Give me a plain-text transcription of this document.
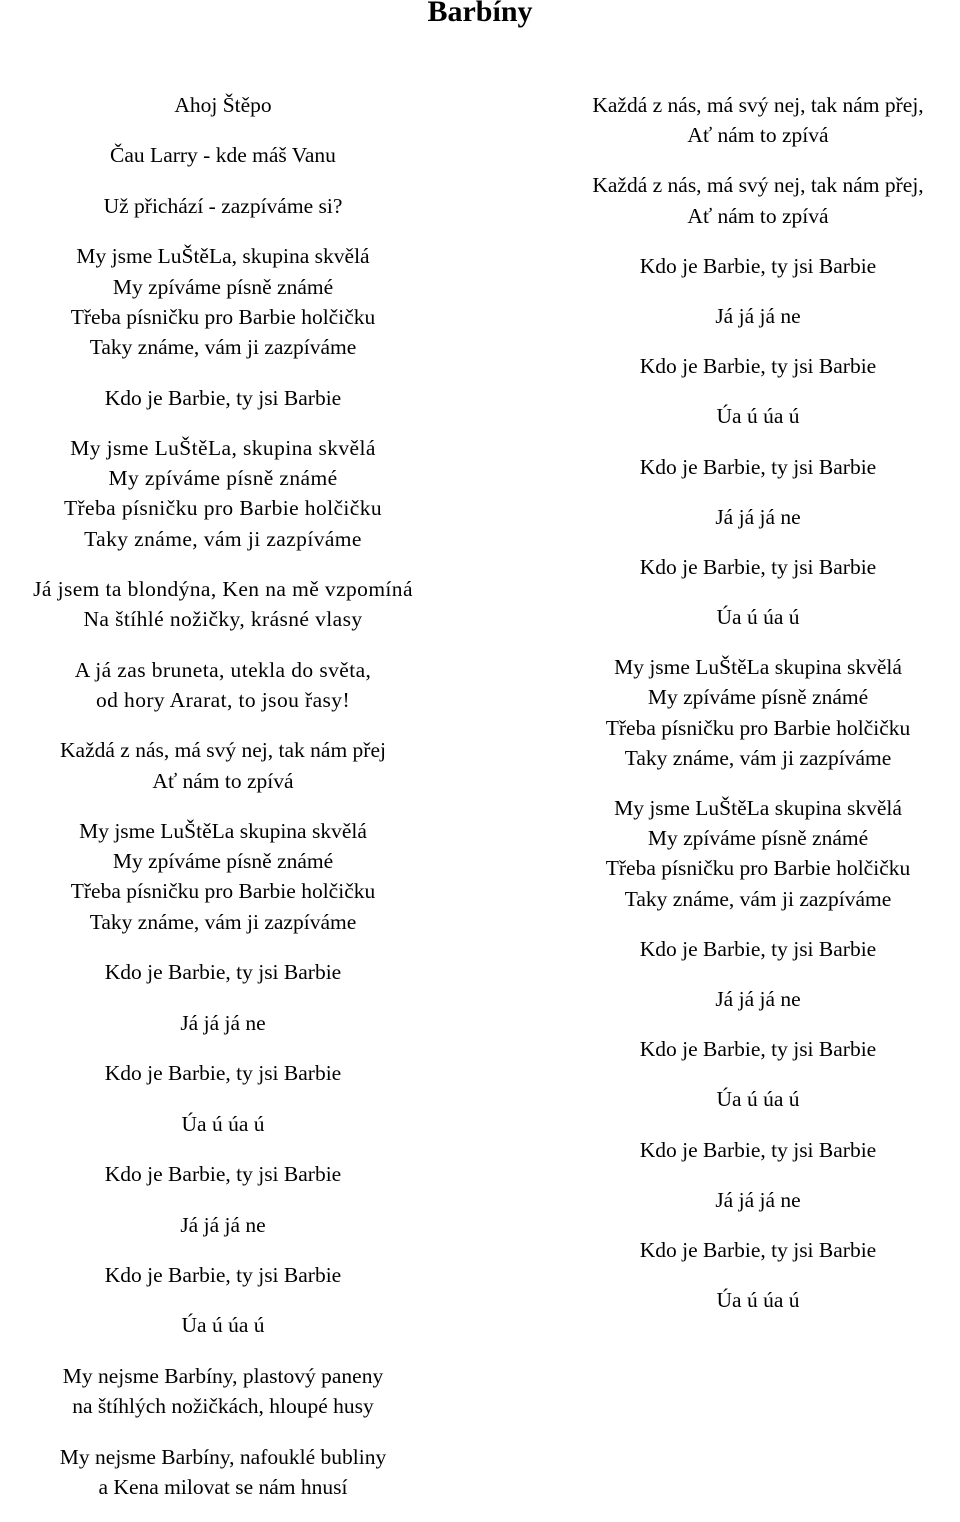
Barbíny
Ahoj Štěpo
Čau Larry - kde máš Vanu
Už přichází - zazpíváme si?
My jsme LuŠtěLa, skupina skvělá
My zpíváme písně známé
Třeba písničku pro Barbie holčičku
Taky známe, vám ji zazpíváme
Kdo je Barbie, ty jsi Barbie
My jsme LuŠtěLa, skupina skvělá
My zpíváme písně známé
Třeba písničku pro Barbie holčičku
Taky známe, vám ji zazpíváme
Já jsem ta blondýna, Ken na mě vzpomíná
Na štíhlé nožičky, krásné vlasy
A já zas bruneta, utekla do světa,
od hory Ararat, to jsou řasy!
Každá z nás, má svý nej, tak nám přej
Ať nám to zpívá
My jsme LuŠtěLa skupina skvělá
My zpíváme písně známé
Třeba písničku pro Barbie holčičku
Taky známe, vám ji zazpíváme
Kdo je Barbie, ty jsi Barbie
Já já já ne
Kdo je Barbie, ty jsi Barbie
Úa ú úa ú
Kdo je Barbie, ty jsi Barbie
Já já já ne
Kdo je Barbie, ty jsi Barbie
Úa ú úa ú
My nejsme Barbíny, plastový paneny
na štíhlých nožičkách, hloupé husy
My nejsme Barbíny, nafouklé bubliny
a Kena milovat se nám hnusí
Každá z nás, má svý nej, tak nám přej,
Ať nám to zpívá
Každá z nás, má svý nej, tak nám přej,
Ať nám to zpívá
Kdo je Barbie, ty jsi Barbie
Já já já ne
Kdo je Barbie, ty jsi Barbie
Úa ú úa ú
Kdo je Barbie, ty jsi Barbie
Já já já ne
Kdo je Barbie, ty jsi Barbie
Úa ú úa ú
My jsme LuŠtěLa skupina skvělá
My zpíváme písně známé
Třeba písničku pro Barbie holčičku
Taky známe, vám ji zazpíváme
My jsme LuŠtěLa skupina skvělá
My zpíváme písně známé
Třeba písničku pro Barbie holčičku
Taky známe, vám ji zazpíváme
Kdo je Barbie, ty jsi Barbie
Já já já ne
Kdo je Barbie, ty jsi Barbie
Úa ú úa ú
Kdo je Barbie, ty jsi Barbie
Já já já ne
Kdo je Barbie, ty jsi Barbie
Úa ú úa ú
